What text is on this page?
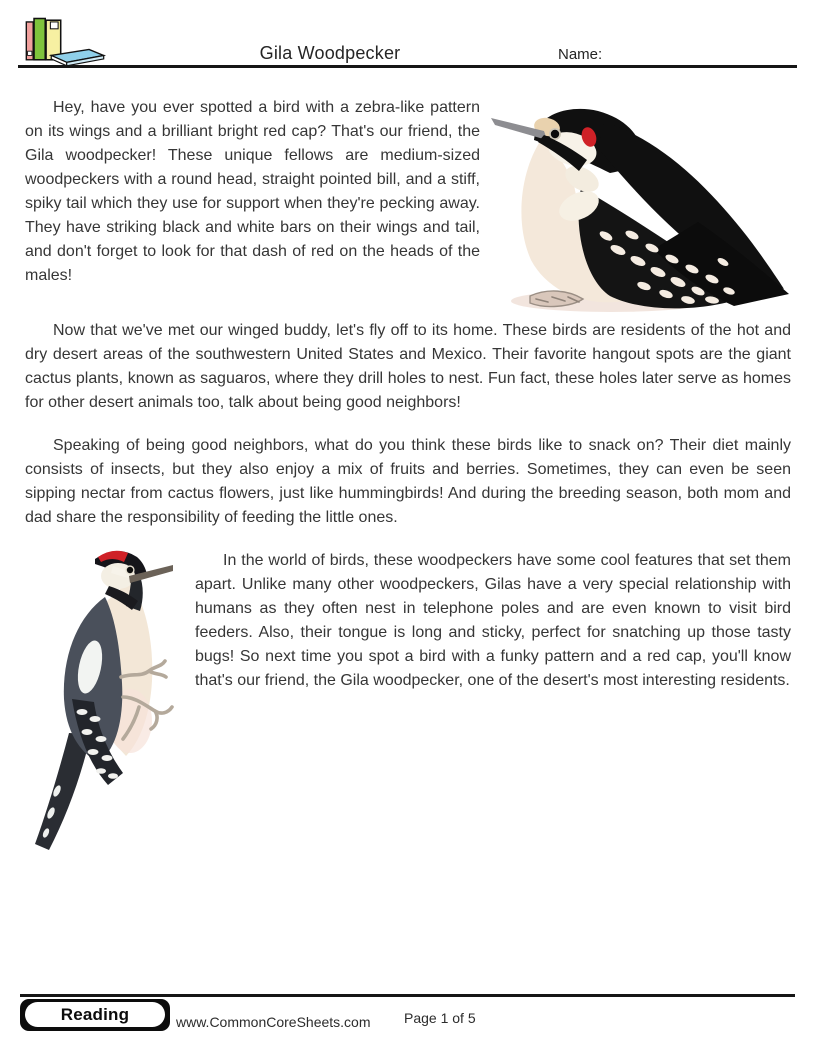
Gila Woodpecker	Name:

Hey, have you ever spotted a bird with a zebra-like pattern on its wings and a brilliant bright red cap? That's our friend, the Gila woodpecker! These unique fellows are medium-sized woodpeckers with a round head, straight pointed bill, and a stiff, spiky tail which they use for support when they're pecking away. They have striking black and white bars on their wings and tail, and don't forget to look for that dash of red on the heads of the males!

Now that we've met our winged buddy, let's fly off to its home. These birds are residents of the hot and dry desert areas of the southwestern United States and Mexico. Their favorite hangout spots are the giant cactus plants, known as saguaros, where they drill holes to nest. Fun fact, these holes later serve as homes for other desert animals too, talk about being good neighbors!

Speaking of being good neighbors, what do you think these birds like to snack on? Their diet mainly consists of insects, but they also enjoy a mix of fruits and berries. Sometimes, they can even be seen sipping nectar from cactus flowers, just like hummingbirds! And during the breeding season, both mom and dad share the responsibility of feeding the little ones.

In the world of birds, these woodpeckers have some cool features that set them apart. Unlike many other woodpeckers, Gilas have a very special relationship with humans as they often nest in telephone poles and are even known to visit bird feeders. Also, their tongue is long and sticky, perfect for snatching up those tasty bugs! So next time you spot a bird with a funky pattern and a red cap, you'll know that's our friend, the Gila woodpecker, one of the desert's most interesting residents.

Reading	www.CommonCoreSheets.com Page 1 of 5
